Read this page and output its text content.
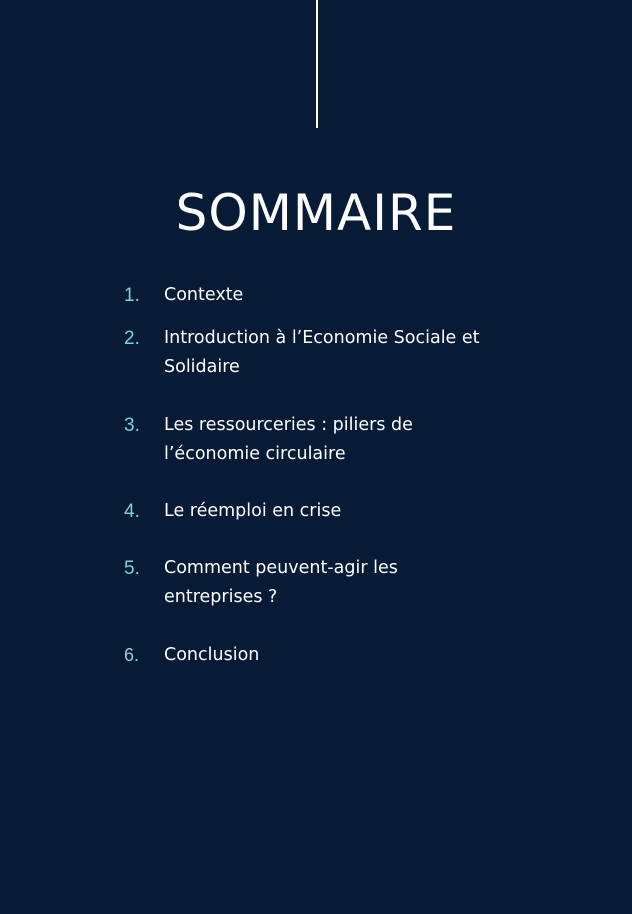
SOMMAIRE
1. Contexte
2. Introduction à l’Economie Sociale et
Solidaire
3. Les ressourceries : piliers de
l’économie circulaire
4. Le réemploi en crise
5. Comment peuvent-agir les
entreprises ?
6. Conclusion
